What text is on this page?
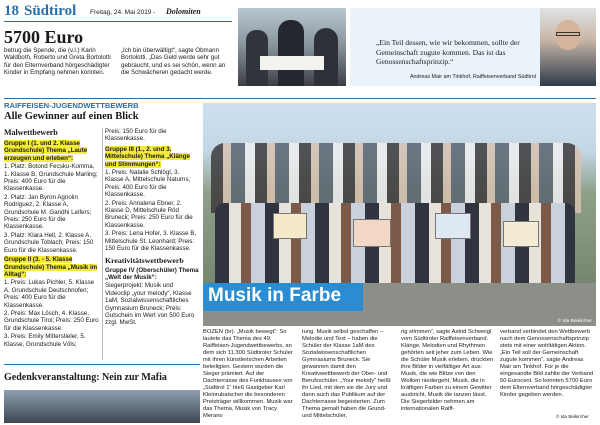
18 Südtirol Freitag, 24. Mai 2019 - Dolomiten
5700 Euro

betrug die Spende, die (v.l.) Karin Waldboth, Roberto und Greta Bortolotti für den Elternverband hörgeschädigter Kinder in Empfang nehmen konnten.

„Ich bin überwältigt“, sagte Obmann Bortolotti. „Das Geld werde sehr gut gebraucht, und es sei schön, wenn an die Schwächeren gedacht werde.

„Ein Teil dessen, wie wir bekommen, sollte der Gemeinschaft zugute kommen. Das ist das Genossenschaftsprinzip.“
Andreas Mair am Tinkhof, Raiffeisenverband Südtirol
RAIFFEISEN-JUGENDWETTBEWERB
Alle Gewinner auf einen Blick
Malwettbewerb

Gruppe I (1. und 2. Klasse Grundschule) Thema „Laute erzeugen und erleben“:

1. Platz: Botond Fecsku-Komma, 1. Klasse B, Grundschule Marling; Preis: 400 Euro für die Klassenkasse.

2. Platz: Jan Byron Agnolin Rodriguez, 2. Klasse A, Grundschule M. Gandhi Leifers; Preis: 250 Euro für die Klassenkasse.

3. Platz: Klara Hell, 2. Klasse A, Grundschule Toblach; Preis: 150 Euro für die Klassenkasse.

Gruppe II (3. - 5. Klasse Grundschule) Thema „Musik im Alltag“:

1. Preis: Lukas Pichler, 5. Klasse A, Grundschule Deutschnofen; Preis: 400 Euro für die Klassenkasse.

2. Preis: Max Lösch, 4. Klasse, Grundschule Tirol; Preis: 250 Euro für die Klassenkasse.

3. Preis: Emily Mitterstieler, 5. Klasse, Grundschule Völs;

Preis: 150 Euro für die Klassenkasse.

Gruppe III (1., 2. und 3. Mittelschule) Thema „Klänge und Stimmungen“:

1. Preis: Natalie Schlögl, 3. Klasse A, Mittelschule Naturns; Preis: 400 Euro für die Klassenkasse.

2. Preis: Annalena Ebner, 2. Klasse D, Mittelschule Röd Bruneck; Preis: 250 Euro für die Klassenkasse.

3. Preis: Lena Hofer, 3. Klasse B, Mittelschule St. Leonhard; Preis: 150 Euro für die Klassenkasse.

Kreativitätswettbewerb

Gruppe IV (Oberschüler) Thema „Welt der Musik“:

Siegerprojekt: Musik und Videoclip „your melody“, Klasse 1aM, Sozialwissenschaftliches Gymnasium Bruneck; Preis: Gutschein im Wert von 500 Euro zzgl. MwSt.

Musik in Farbe
© Ida Beikircher
BOZEN (br). „Musik bewegt“: So lautete das Thema des 49. Raiffeisen-Jugendwettbewerbs, an dem sich 11.300 Südtiroler Schüler mit ihren künstlerischen Arbeiten beteiligten. Gestern wurden die Sieger prämiert. Auf der Dachterrasse des Funkhauses von „Südtirol 1“ hieß Gastgeber Karl Kleinrubatscher die besonderen Preisträger willkommen. Musik war das Thema, Musik von Tracy Merano
tung. Musik selbst geschaffen – Melodie und Text – haben die Schüler der Klasse 1aM des Sozialwissenschaftlichen Gymnasiums Bruneck. Sie gewannen damit den Kreativwettbewerb der Ober- und Berufsschüler. „Your melody“ heißt ihr Lied, mit dem sie die Jury und dann auch das Publikum auf der Dachterrasse begeisterten. Zum Thema gemalt haben die Grund- und Mittelschüler,
rig stimmen“, sagte Astrid Schweigl vom Südtiroler Raiffeisenverband. Klänge, Melodien und Rhythmen gehörten seit jeher zum Leben. Wie die Schüler Musik erleben, drückten ihre Bilder in vielfältiger Art aus: Musik, die wie Blitze von den Wolken niedergeht, Musik, die in kräftigen Farben zu einem Gewitter ausbricht, Musik die tanzen lässt. Die Siegerbilder nehmen am internationalen Raiff-
verband verbindet den Wettbewerb nach dem Genossenschaftsprinzip stets mit einer wohltätigen Aktion. „Ein Teil soll der Gemeinschaft zugute kommen“, sagte Andreas Mair am Tinkhof. Für je die eingesandte Bild zahlte der Verband 50 Eurocent. So konnten 5700 Euro dem Elternverband hörgeschädigter Kinder gegeben werden.
© Ida Beikircher
Gedenkveranstaltung: Nein zur Mafia
